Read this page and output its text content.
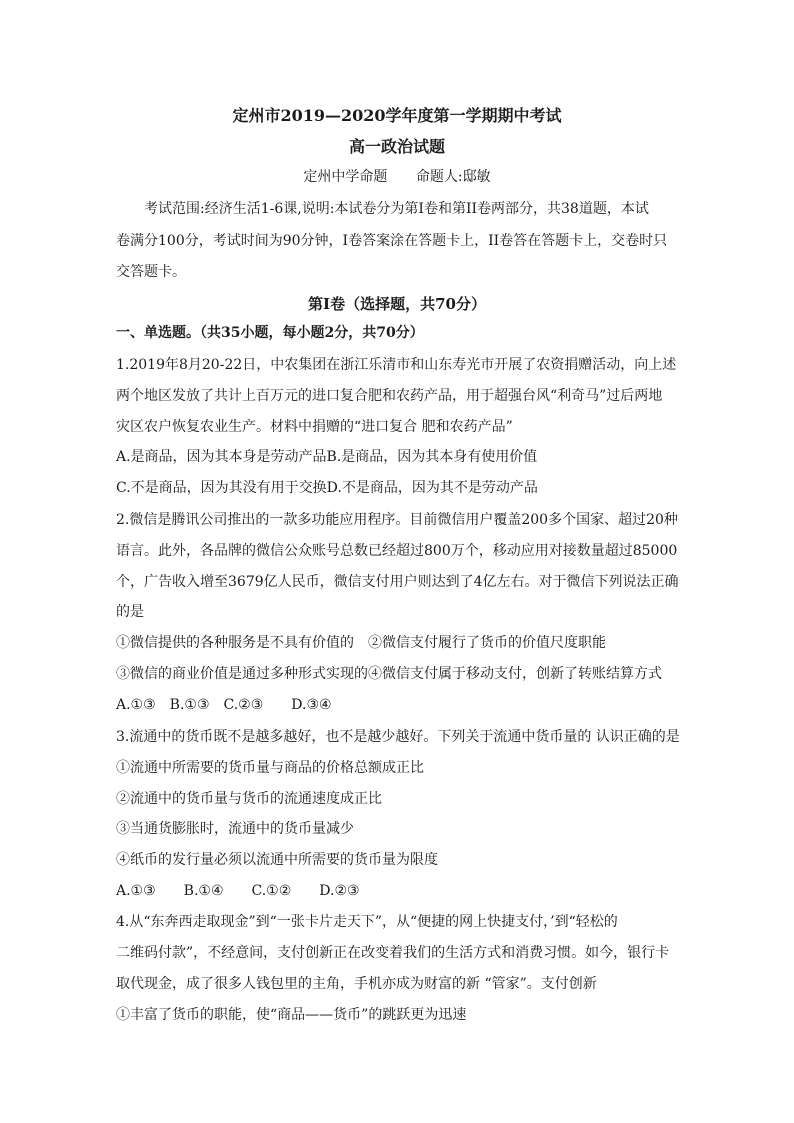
定州市2019—2020学年度第一学期期中考试
高一政治试题
定州中学命题 命题人:邸敏
考试范围:经济生活1-6课,说明:本试卷分为第I卷和第II卷两部分，共38道题，本试
卷满分100分，考试时间为90分钟，I卷答案涂在答题卡上，II卷答在答题卡上，交卷时只
交答题卡。
第I卷（选择题，共70分）
一、单选题。（共35小题，每小题2分，共70分）
1.2019年8月20-22日，中农集团在浙江乐清市和山东寿光市开展了农资捐赠活动，向上述
两个地区发放了共计上百万元的进口复合肥和农药产品，用于超强台风“利奇马”过后两地
灾区农户恢复农业生产。材料中捐赠的“进口复合 肥和农药产品”
A.是商品，因为其本身是劳动产品B.是商品，因为其本身有使用价值
C.不是商品，因为其没有用于交换D.不是商品，因为其不是劳动产品
2.微信是腾讯公司推出的一款多功能应用程序。目前微信用户覆盖200多个国家、超过20种
语言。此外，各品牌的微信公众账号总数已经超过800万个，移动应用对接数量超过85000
个，广告收入增至3679亿人民币，微信支付用户则达到了4亿左右。对于微信下列说法正确
的是
①微信提供的各种服务是不具有价值的　②微信支付履行了货币的价值尺度职能
③微信的商业价值是通过多种形式实现的④微信支付属于移动支付，创新了转账结算方式
A.①③　B.①③　C.②③　　D.③④
3.流通中的货币既不是越多越好，也不是越少越好。下列关于流通中货币量的 认识正确的是
①流通中所需要的货币量与商品的价格总额成正比
②流通中的货币量与货币的流通速度成正比
③当通货膨胀时，流通中的货币量减少
④纸币的发行量必须以流通中所需要的货币量为限度
A.①③　　B.①④　　C.①②　　D.②③
4.从“东奔西走取现金”到“一张卡片走天下”，从“便捷的网上快捷支付，’到“轻松的
二维码付款”，不经意间，支付创新正在改变着我们的生活方式和消费习惯。如今，银行卡
取代现金，成了很多人钱包里的主角，手机亦成为财富的新 “管家”。支付创新
①丰富了货币的职能，使“商品——货币”的跳跃更为迅速
